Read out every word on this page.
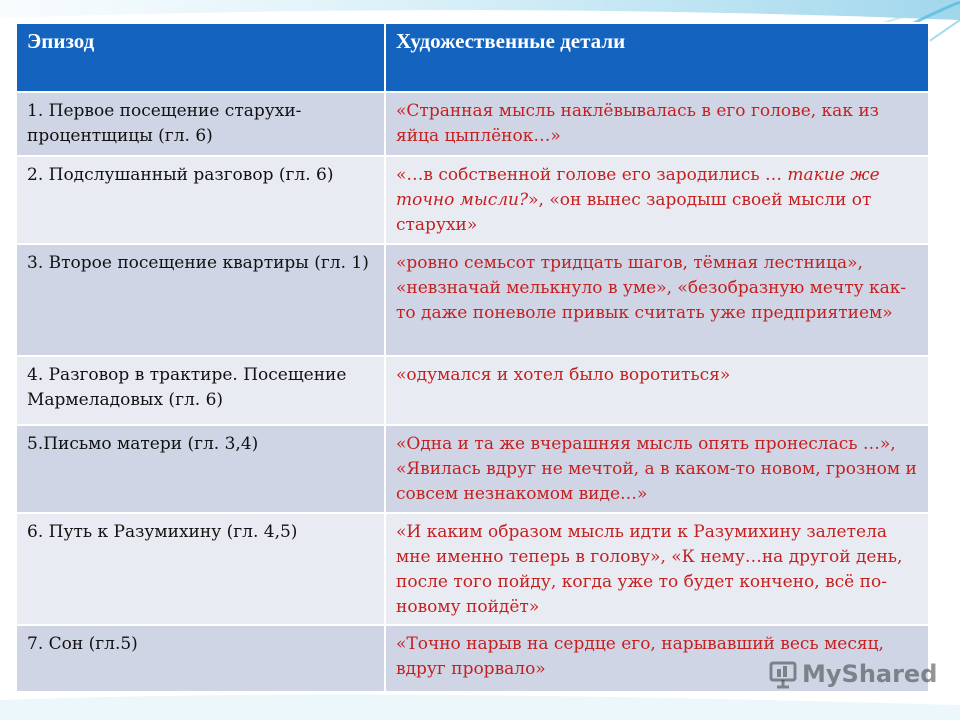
Эпизод	Художественные детали
1. Первое посещение старухи-процентщицы (гл. 6)	«Странная мысль наклёвывалась в его голове, как из яйца цыплёнок…»
2. Подслушанный разговор (гл. 6)	«…в собственной голове его зародились … такие же точно мысли?», «он вынес зародыш своей мысли от старухи»
3. Второе посещение квартиры (гл. 1)	«ровно семьсот тридцать шагов, тёмная лестница», «невзначай мелькнуло в уме», «безобразную мечту как-то даже поневоле привык считать уже предприятием»
4. Разговор в трактире. Посещение Мармеладовых (гл. 6)	«одумался и хотел было воротиться»
5.Письмо матери (гл. 3,4)	«Одна и та же вчерашняя мысль опять пронеслась …», «Явилась вдруг не мечтой, а в каком-то новом, грозном и совсем незнакомом виде…»
6. Путь к Разумихину (гл. 4,5)	«И каким образом мысль идти к Разумихину залетела мне именно теперь в голову», «К нему…на другой день, после того пойду, когда уже то будет кончено, всё по-новому пойдёт»
7. Сон (гл.5)	«Точно нарыв на сердце его, нарывавший весь месяц, вдруг прорвало»	MyShared
